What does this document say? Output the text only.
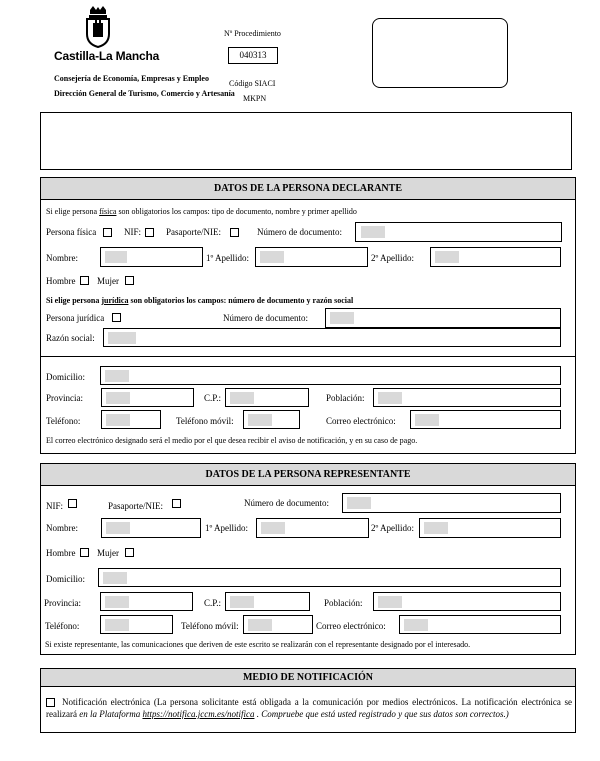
Castilla-La Mancha
Consejería de Economía, Empresas y Empleo
Dirección General de Turismo, Comercio y Artesanía
Nº Procedimiento
040313
Código SIACI
MKPN
DATOS DE LA PERSONA DECLARANTE
Si elige persona física son obligatorios los campos: tipo de documento, nombre y primer apellido
Persona física	NIF:	Pasaporte/NIE:	Número de documento:
Nombre:	1º Apellido:	2º Apellido:
Hombre Mujer
Si elige persona jurídica son obligatorios los campos: número de documento y razón social
Persona jurídica	Número de documento:
Razón social:
Domicilio:
Provincia:	C.P.:	Población:
Teléfono:	Teléfono móvil:	Correo electrónico:
El correo electrónico designado será el medio por el que desea recibir el aviso de notificación, y en su caso de pago.
DATOS DE LA PERSONA REPRESENTANTE
NIF:	Pasaporte/NIE:	Número de documento:
Nombre:	1º Apellido:	2º Apellido:
Hombre Mujer
Domicilio:
Provincia:	C.P.:	Población:
Teléfono:	Teléfono móvil:	Correo electrónico:
Si existe representante, las comunicaciones que deriven de este escrito se realizarán con el representante designado por el interesado.
MEDIO DE NOTIFICACIÓN
Notificación electrónica (La persona solicitante está obligada a la comunicación por medios electrónicos. La notificación electrónica se realizará en la Plataforma https://notifica.jccm.es/notifica . Compruebe que está usted registrado y que sus datos son correctos.)
